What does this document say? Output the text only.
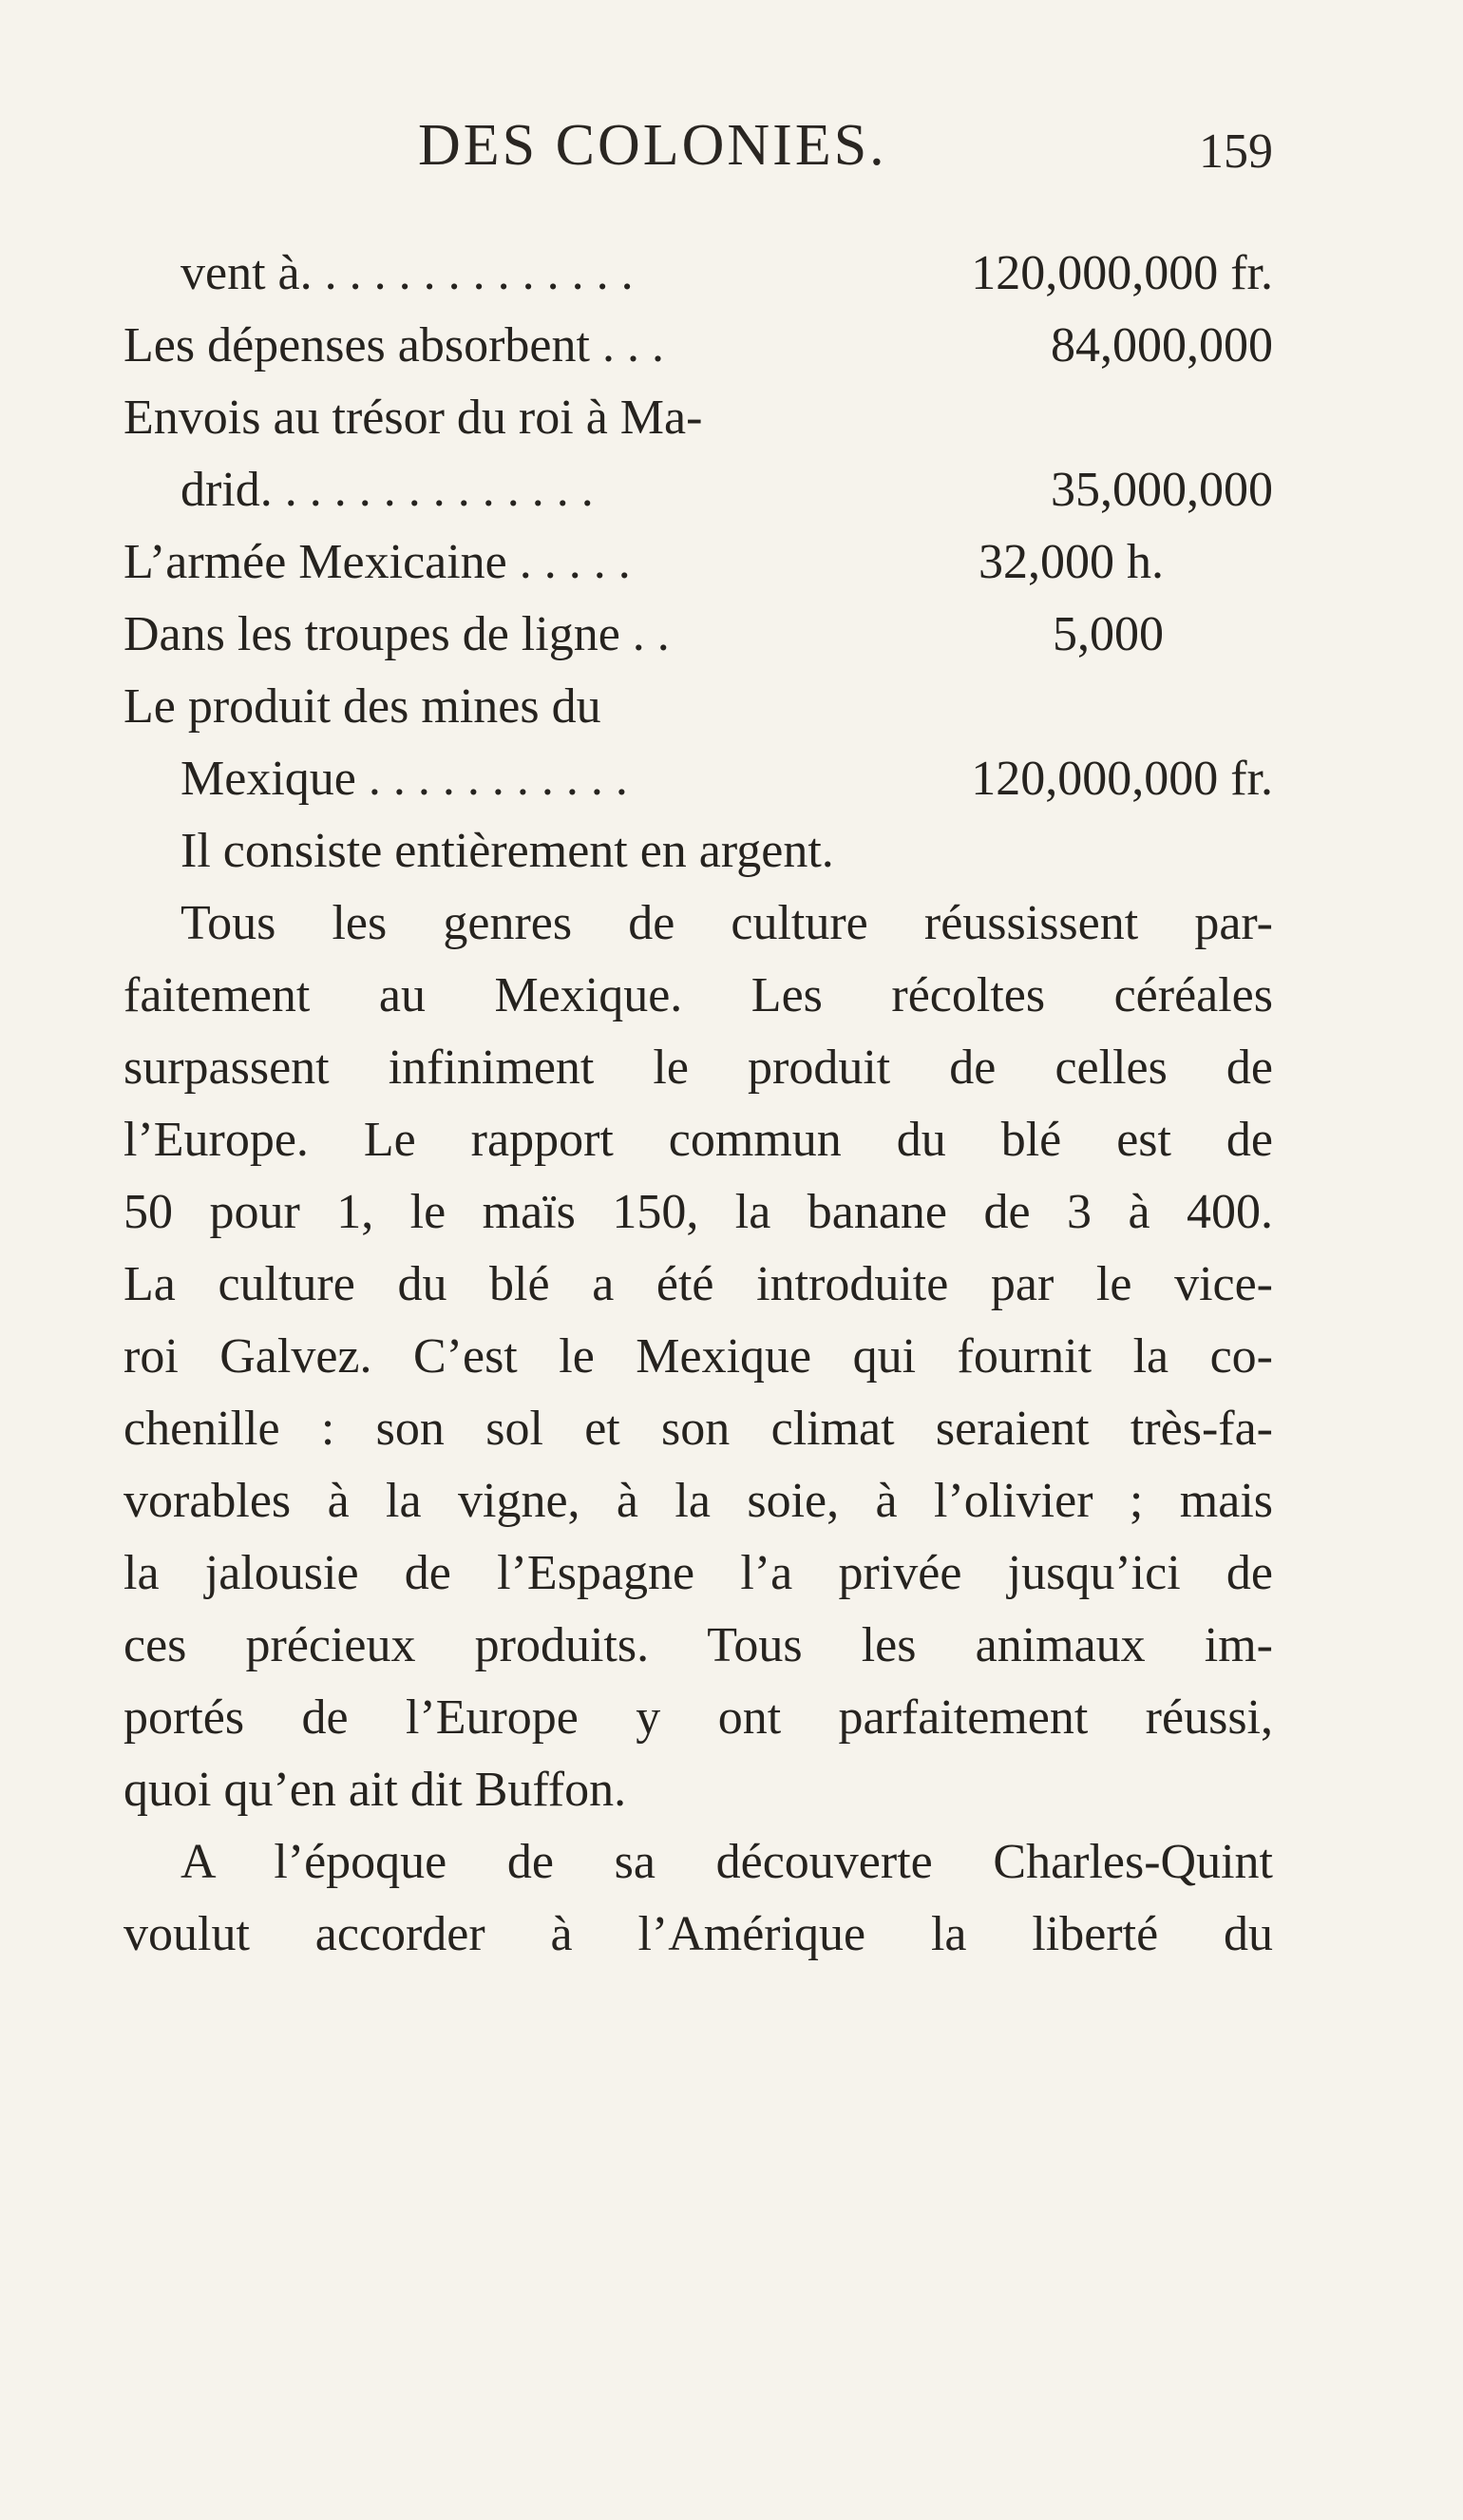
DES COLONIES.	159
vent à. . . . . . . . . . . . . .	120,000,000 fr.
Les dépenses absorbent . . .	84,000,000
Envois au trésor du roi à Ma-
drid. . . . . . . . . . . . . .	35,000,000
L’armée Mexicaine . . . . .	32,000 h.
Dans les troupes de ligne . .	5,000
Le produit des mines du
Mexique . . . . . . . . . . .	120,000,000 fr.
Il consiste entièrement en argent.
Tous les genres de culture réussissent par-
faitement au Mexique. Les récoltes céréales
surpassent infiniment le produit de celles de
l’Europe. Le rapport commun du blé est de
50 pour 1, le maïs 150, la banane de 3 à 400.
La culture du blé a été introduite par le vice-
roi Galvez. C’est le Mexique qui fournit la co-
chenille : son sol et son climat seraient très-fa-
vorables à la vigne, à la soie, à l’olivier ; mais
la jalousie de l’Espagne l’a privée jusqu’ici de
ces précieux produits. Tous les animaux im-
portés de l’Europe y ont parfaitement réussi,
quoi qu’en ait dit Buffon.
A l’époque de sa découverte Charles-Quint
voulut accorder à l’Amérique la liberté du
